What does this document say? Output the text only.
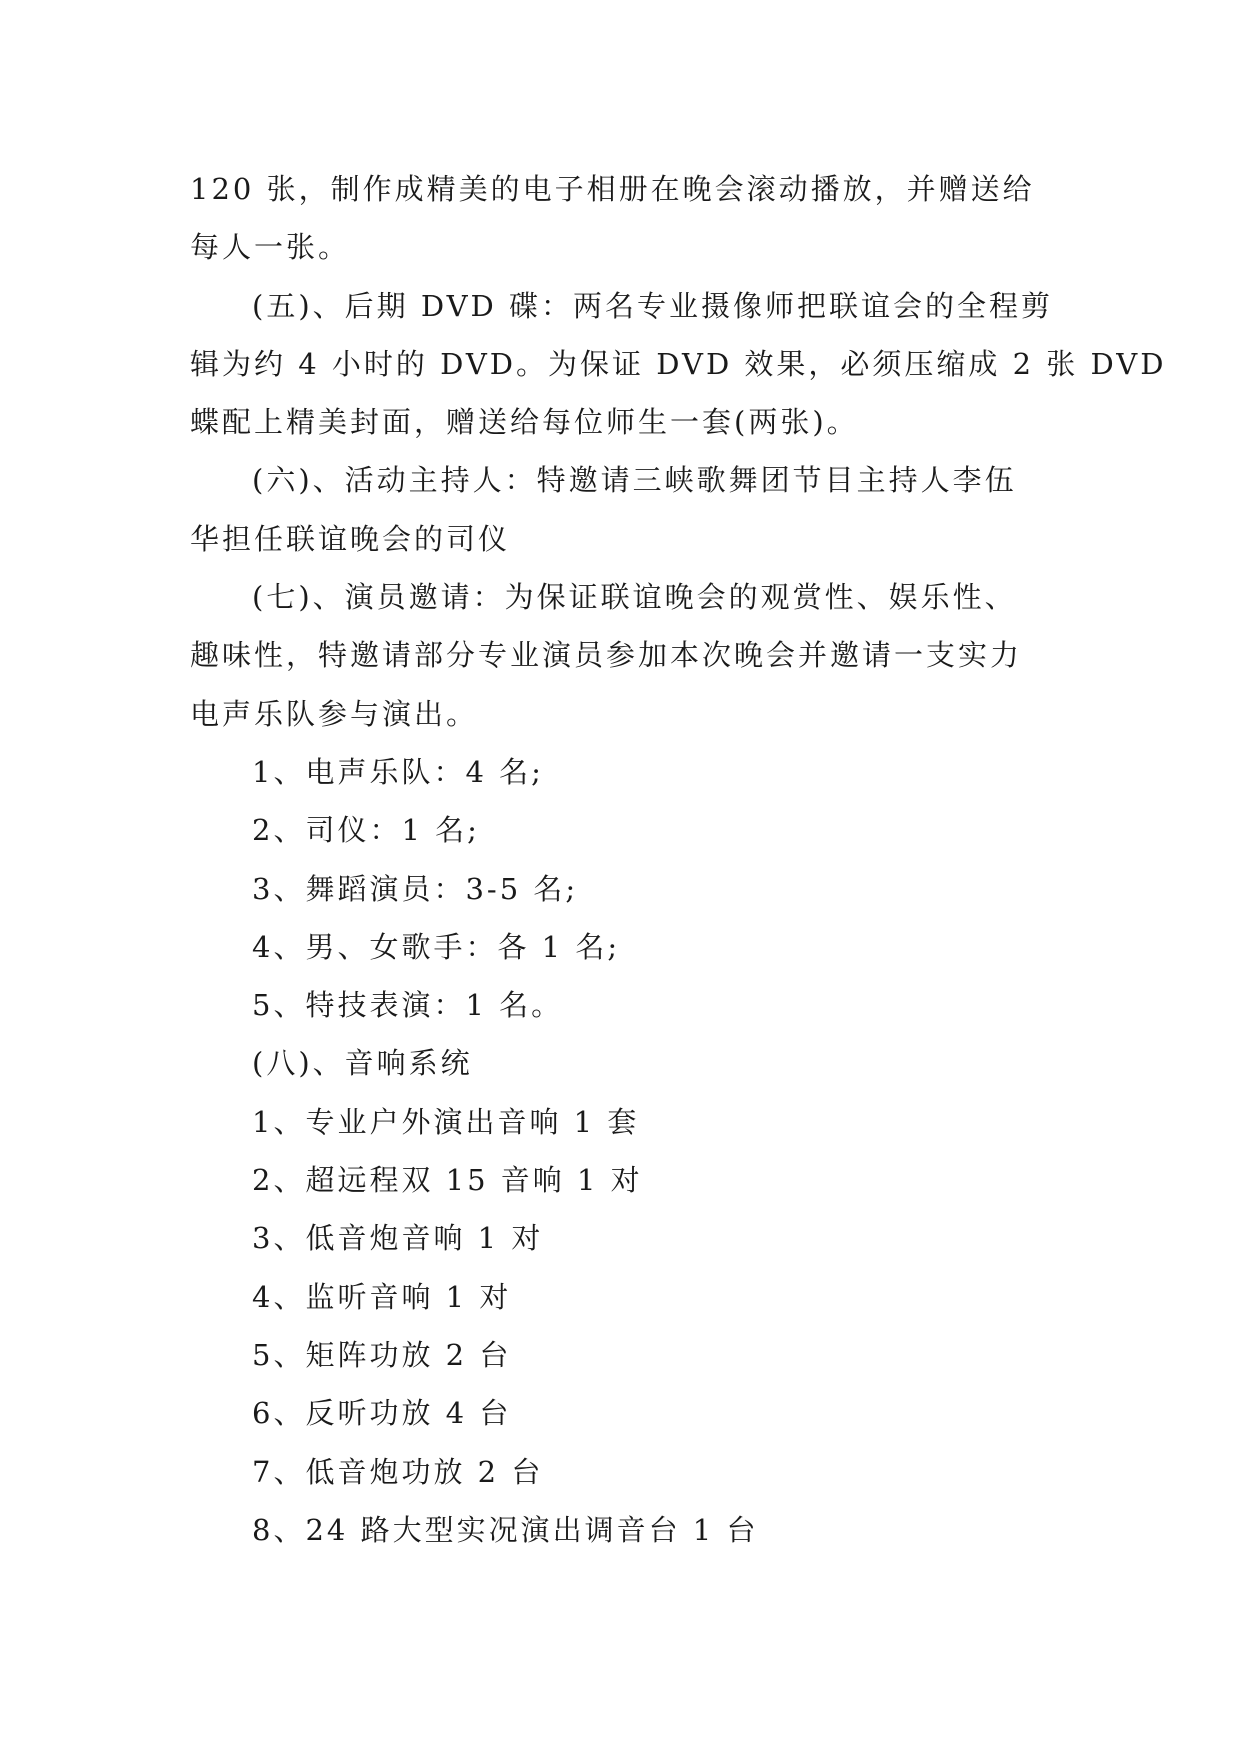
120 张，制作成精美的电子相册在晚会滚动播放，并赠送给
每人一张。
(五)、后期 DVD 碟：两名专业摄像师把联谊会的全程剪
辑为约 4 小时的 DVD。为保证 DVD 效果，必须压缩成 2 张 DVD
蝶配上精美封面，赠送给每位师生一套(两张)。
(六)、活动主持人：特邀请三峡歌舞团节目主持人李伍
华担任联谊晚会的司仪
(七)、演员邀请：为保证联谊晚会的观赏性、娱乐性、
趣味性，特邀请部分专业演员参加本次晚会并邀请一支实力
电声乐队参与演出。
1、电声乐队：4 名;
2、司仪：1 名;
3、舞蹈演员：3-5 名;
4、男、女歌手：各 1 名;
5、特技表演：1 名。
(八)、音响系统
1、专业户外演出音响 1 套
2、超远程双 15 音响 1 对
3、低音炮音响 1 对
4、监听音响 1 对
5、矩阵功放 2 台
6、反听功放 4 台
7、低音炮功放 2 台
8、24 路大型实况演出调音台 1 台
